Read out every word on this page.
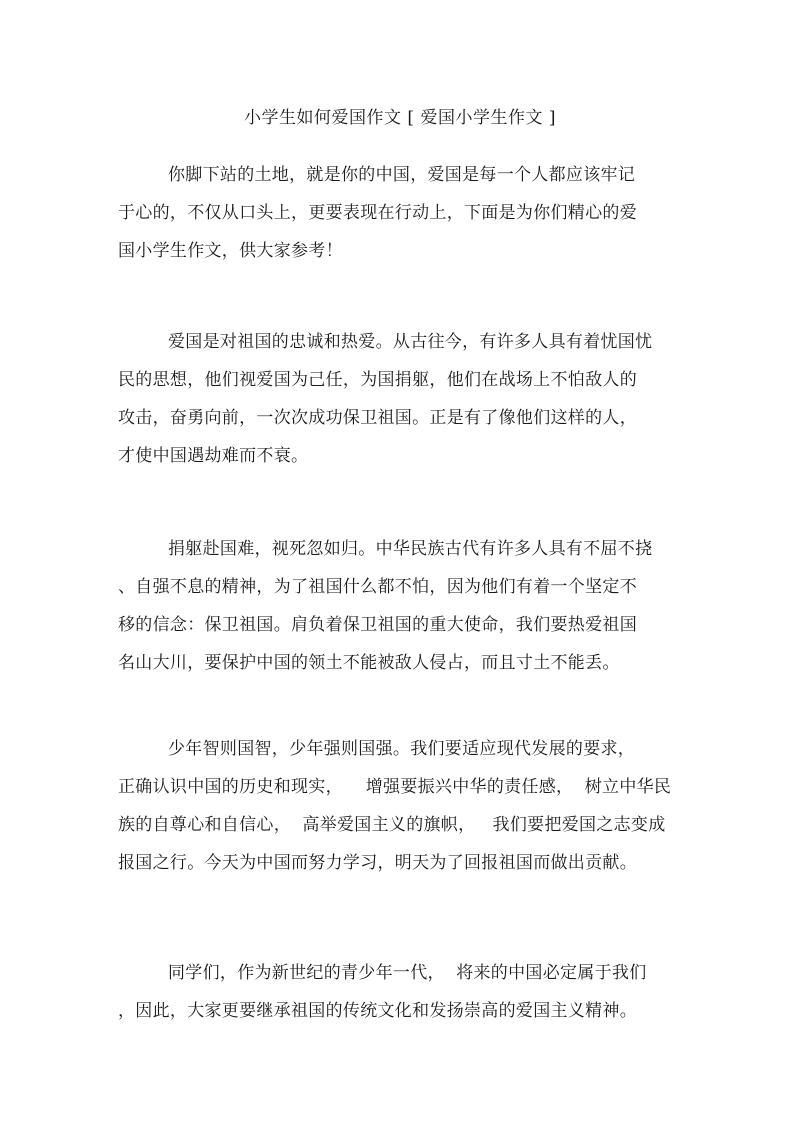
小学生如何爱国作文 [ 爱国小学生作文 ]
你脚下站的土地，就是你的中国，爱国是每一个人都应该牢记
于心的，不仅从口头上，更要表现在行动上，下面是为你们精心的爱
国小学生作文，供大家参考！
爱国是对祖国的忠诚和热爱。从古往今，有许多人具有着忧国忧
民的思想，他们视爱国为己任，为国捐躯，他们在战场上不怕敌人的
攻击，奋勇向前，一次次成功保卫祖国。正是有了像他们这样的人，
才使中国遇劫难而不衰。
捐躯赴国难，视死忽如归。中华民族古代有许多人具有不屈不挠
、自强不息的精神，为了祖国什么都不怕，因为他们有着一个坚定不
移的信念：保卫祖国。肩负着保卫祖国的重大使命，我们要热爱祖国
名山大川，要保护中国的领土不能被敌人侵占，而且寸土不能丢。
少年智则国智，少年强则国强。我们要适应现代发展的要求，
正确认识中国的历史和现实，    增强要振兴中华的责任感，  树立中华民
族的自尊心和自信心，  高举爱国主义的旗帜，   我们要把爱国之志变成
报国之行。今天为中国而努力学习，明天为了回报祖国而做出贡献。
同学们，作为新世纪的青少年一代，  将来的中国必定属于我们
，因此，大家更要继承祖国的传统文化和发扬崇高的爱国主义精神。
